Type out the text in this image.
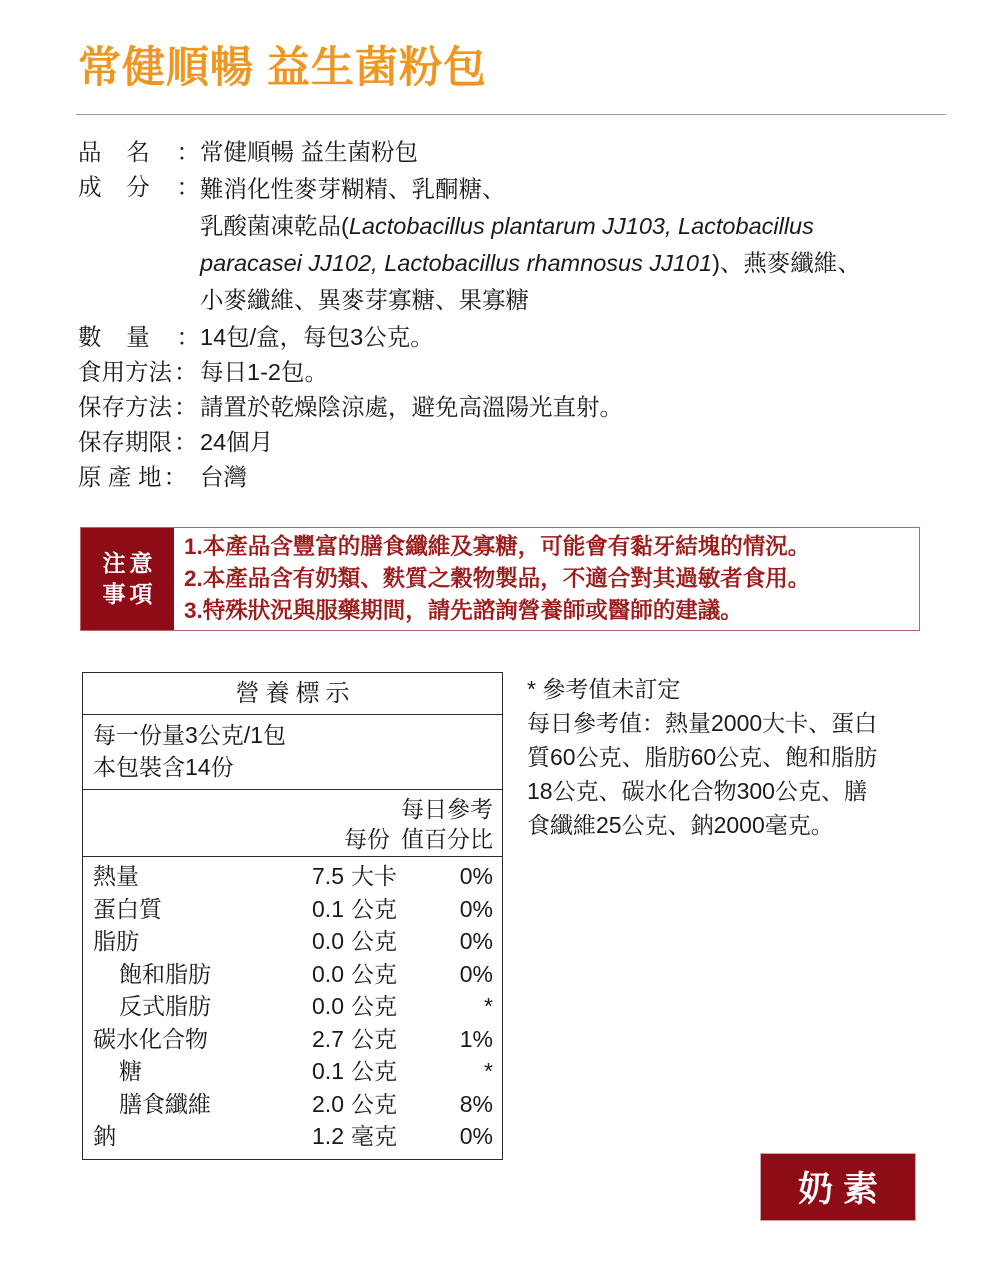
常健順暢 益生菌粉包
品 名 ： 常健順暢 益生菌粉包
成 分 ： 難消化性麥芽糊精、乳酮糖、
乳酸菌凍乾品(Lactobacillus plantarum JJ103, Lactobacillus
paracasei JJ102, Lactobacillus rhamnosus JJ101)、燕麥纖維、
小麥纖維、異麥芽寡糖、果寡糖
數 量 ： 14包/盒，每包3公克。
食用方法 ： 每日1-2包。
保存方法 ： 請置於乾燥陰涼處，避免高溫陽光直射。
保存期限 ： 24個月
原 產 地 ： 台灣
注意
事項
1.本產品含豐富的膳食纖維及寡糖，可能會有黏牙結塊的情況。
2.本產品含有奶類、麩質之穀物製品，不適合對其過敏者食用。
3.特殊狀況與服藥期間，請先諮詢營養師或醫師的建議。
營養標示
每一份量3公克/1包
本包裝含14份
每日參考
每份 值百分比
熱量	7.5 大卡	0%
蛋白質	0.1 公克	0%
脂肪	0.0 公克	0%
飽和脂肪	0.0 公克	0%
反式脂肪	0.0 公克	*
碳水化合物	2.7 公克	1%
糖	0.1 公克	*
膳食纖維	2.0 公克	8%
鈉	1.2 毫克	0%
* 參考值未訂定
每日參考值：熱量2000大卡、蛋白
質60公克、脂肪60公克、飽和脂肪
18公克、碳水化合物300公克、膳
食纖維25公克、鈉2000毫克。
奶素
